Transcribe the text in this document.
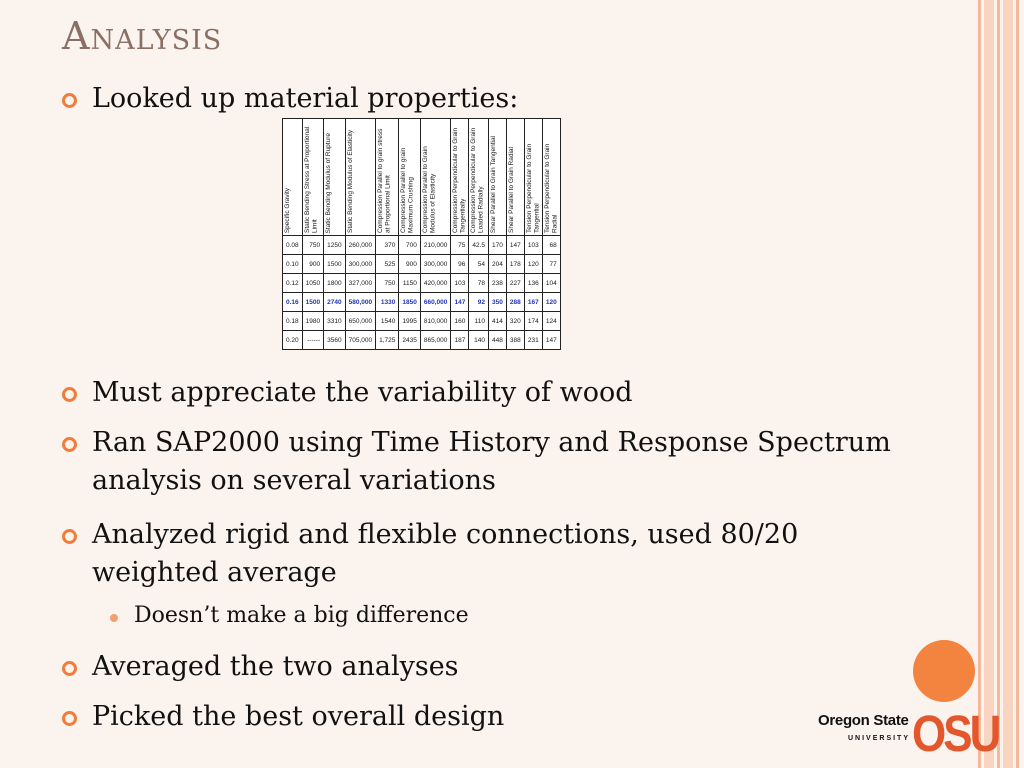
Analysis
Looked up material properties:
Specific Gravity	Static Bending Stress at Proportional Limit	Static Bending Modulus of Rupture	Static Bending Modulus of Elasticity	Compression Parallel to grain stress at Proportional Limit	Compression Parallel to grain Maximum Crushing	Compression Parallel to Grain Modulus of Elasticity	Compression Perpendicular to Grain Tangentially	Compression Perpendicular to Grain Loaded Radially	Shear Parallel to Grain Tangential	Shear Parallel to Grain Radial	Tension Perpendicular to Grain Tangential	Tension Perpendicular to Grain Radial

0.08	750	1250	260,000	370	700	210,000	75	42.5	170	147	103	68
0.10	900	1500	300,000	525	900	300,000	96	54	204	178	120	77
0.12	1050	1800	327,000	750	1150	420,000	103	78	238	227	136	104
0.16	1500	2740	580,000	1330	1850	660,000	147	92	350	288	167	120
0.18	1980	3310	650,000	1540	1995	810,000	160	110	414	320	174	124
0.20	------	3560	705,000	1,725	2435	865,000	187	140	448	388	231	147
Must appreciate the variability of wood
Ran SAP2000 using Time History and Response Spectrum analysis on several variations
Analyzed rigid and flexible connections, used 80/20 weighted average
Doesn’t make a big difference
Averaged the two analyses
Picked the best overall design	Oregon State
UNIVERSITY OSU
